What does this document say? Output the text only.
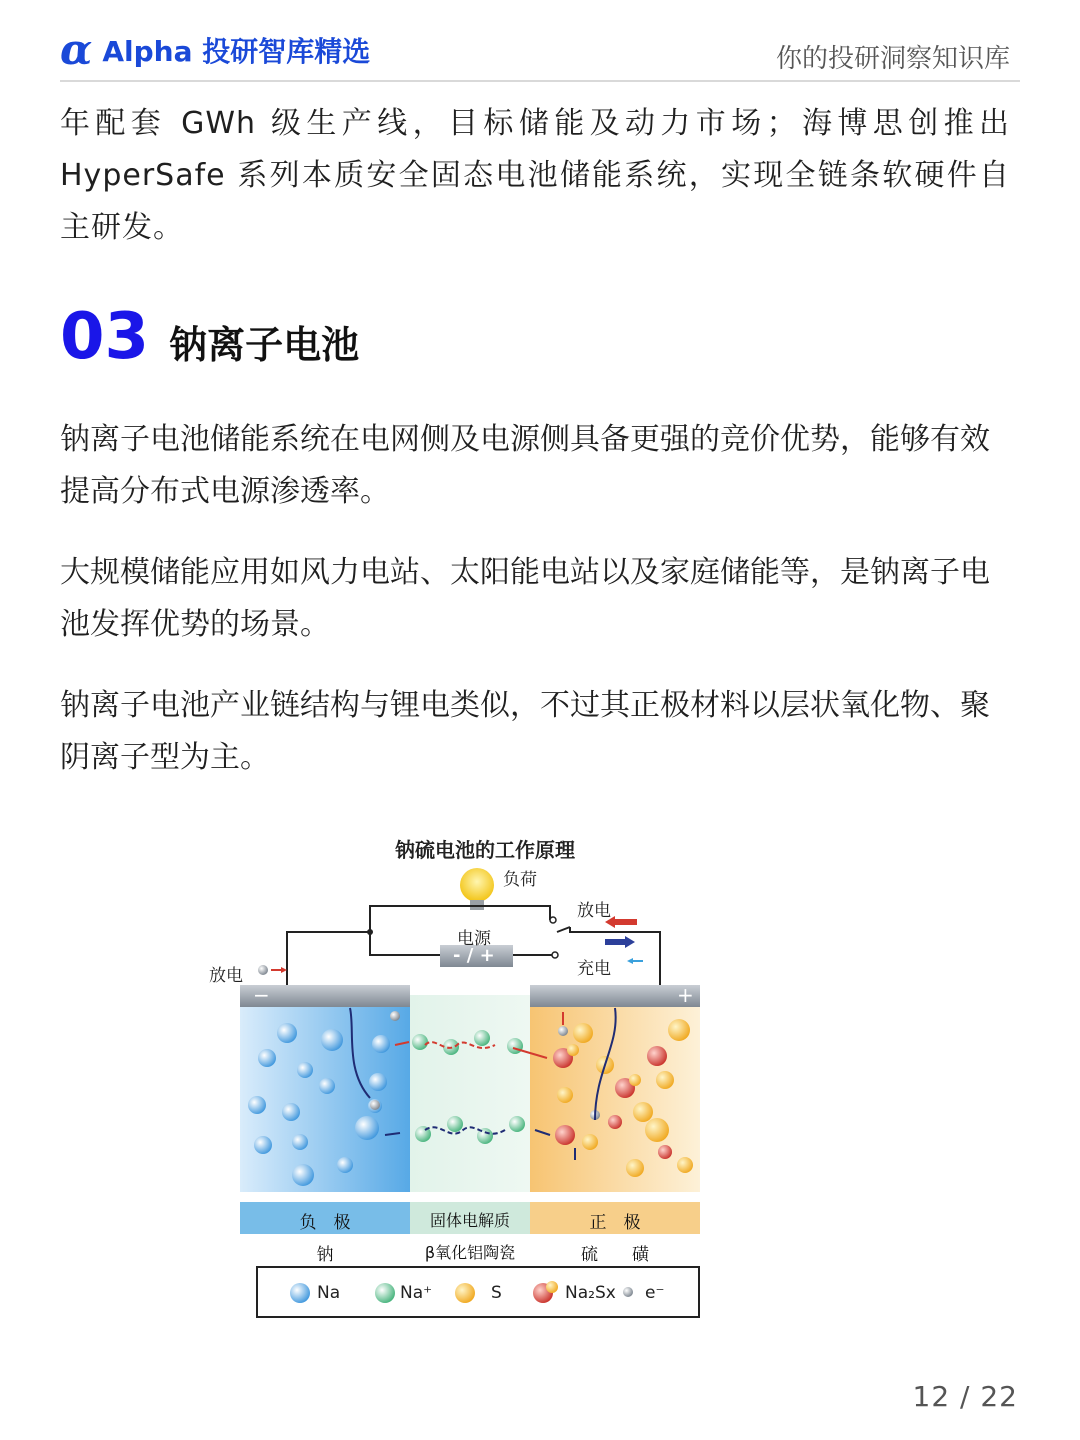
α Alpha 投研智库精选	你的投研洞察知识库

年配套 GWh 级生产线，目标储能及动力市场；海博思创推出 HyperSafe 系列本质安全固态电池储能系统，实现全链条软硬件自主研发。

03 钠离子电池

钠离子电池储能系统在电网侧及电源侧具备更强的竞价优势，能够有效提高分布式电源渗透率。

大规模储能应用如风力电站、太阳能电站以及家庭储能等，是钠离子电池发挥优势的场景。

钠离子电池产业链结构与锂电类似，不过其正极材料以层状氧化物、聚阴离子型为主。

钠硫电池的工作原理
负荷
放电
电源
- / +
充电
放电
−	+
负　极	固体电解质	正　极
钠	β氧化铝陶瓷	硫　　磺
Na	Na⁺	S	Na₂Sx e⁻
12 / 22
